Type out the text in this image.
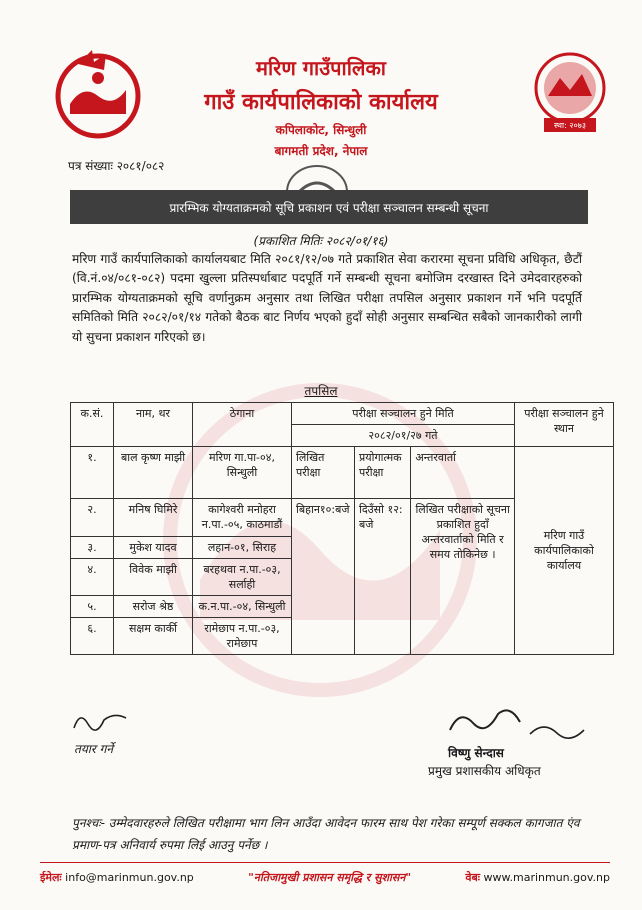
स्था: २०७३
मरिण गाउँपालिका
गाउँ कार्यपालिकाको कार्यालय
कपिलाकोट, सिन्धुली
बागमती प्रदेश, नेपाल
पत्र संख्याः २०८१/०८२
प्रारम्भिक योग्यताक्रमको सूचि प्रकाशन एवं परीक्षा सञ्चालन सम्बन्धी सूचना
(प्रकाशित मितिः २०८२/०१/१६)
मरिण गाउँ कार्यपालिकाको कार्यालयबाट मिति २०८१/१२/०७ गते प्रकाशित सेवा करारमा सूचना प्रविधि अधिकृत, छैटौं (वि.नं.०४/०८१-०८२) पदमा खुल्ला प्रतिस्पर्धाबाट पदपूर्ति गर्ने सम्बन्धी सूचना बमोजिम दरखास्त दिने उमेदवारहरुको प्रारम्भिक योग्यताक्रमको सूचि वर्णानुक्रम अनुसार तथा लिखित परीक्षा तपसिल अनुसार प्रकाशन गर्ने भनि पदपूर्ति समितिको मिति २०८२/०१/१४ गतेको बैठक बाट निर्णय भएको हुदाँ सोही अनुसार सम्बन्धित सबैको जानकारीको लागी यो सुचना प्रकाशन गरिएको छ।
तपसिल
क.सं.	नाम, थर	ठेगाना	परीक्षा सञ्चालन हुने मिति			परीक्षा सञ्चालन हुने स्थान
			२०८२/०१/२७ गते			
१.	बाल कृष्ण माझी	मरिण गा.पा-०४, सिन्धुली	लिखित परीक्षा	प्रयोगात्मक परीक्षा	अन्तरवार्ता	मरिण गाउँ कार्यपालिकाको कार्यालय
२.	मनिष घिमिरे	कागेश्वरी मनोहरा न.पा.-०५, काठमाडौं	बिहान१०:बजे	दिउँसो १२: बजे	लिखित परीक्षाको सूचना प्रकाशित हुदाँ अन्तरवार्ताको मिति र समय तोकिनेछ ।	
३.	मुकेश यादव	लहान-०१, सिराह				
४.	विवेक माझी	बरहथवा न.पा.-०३, सर्लाही				
५.	सरोज श्रेष्ठ	क.न.पा.-०४, सिन्धुली				
६.	सक्षम कार्की	रामेछाप न.पा.-०३, रामेछाप				
तयार गर्ने	विष्णु सेन्दास
प्रमुख प्रशासकीय अधिकृत
पुनश्चः- उम्मेदवारहरुले लिखित परीक्षामा भाग लिन आउँदा आवेदन फारम साथ पेश गरेका सम्पूर्ण सक्कल कागजात एंव प्रमाण-पत्र अनिवार्य रुपमा लिई आउनु पर्नेछ ।
ईमेलः info@marinmun.gov.np	"नतिजामुखी प्रशासन समृद्धि र सुशासन"	वेबः www.marinmun.gov.np
